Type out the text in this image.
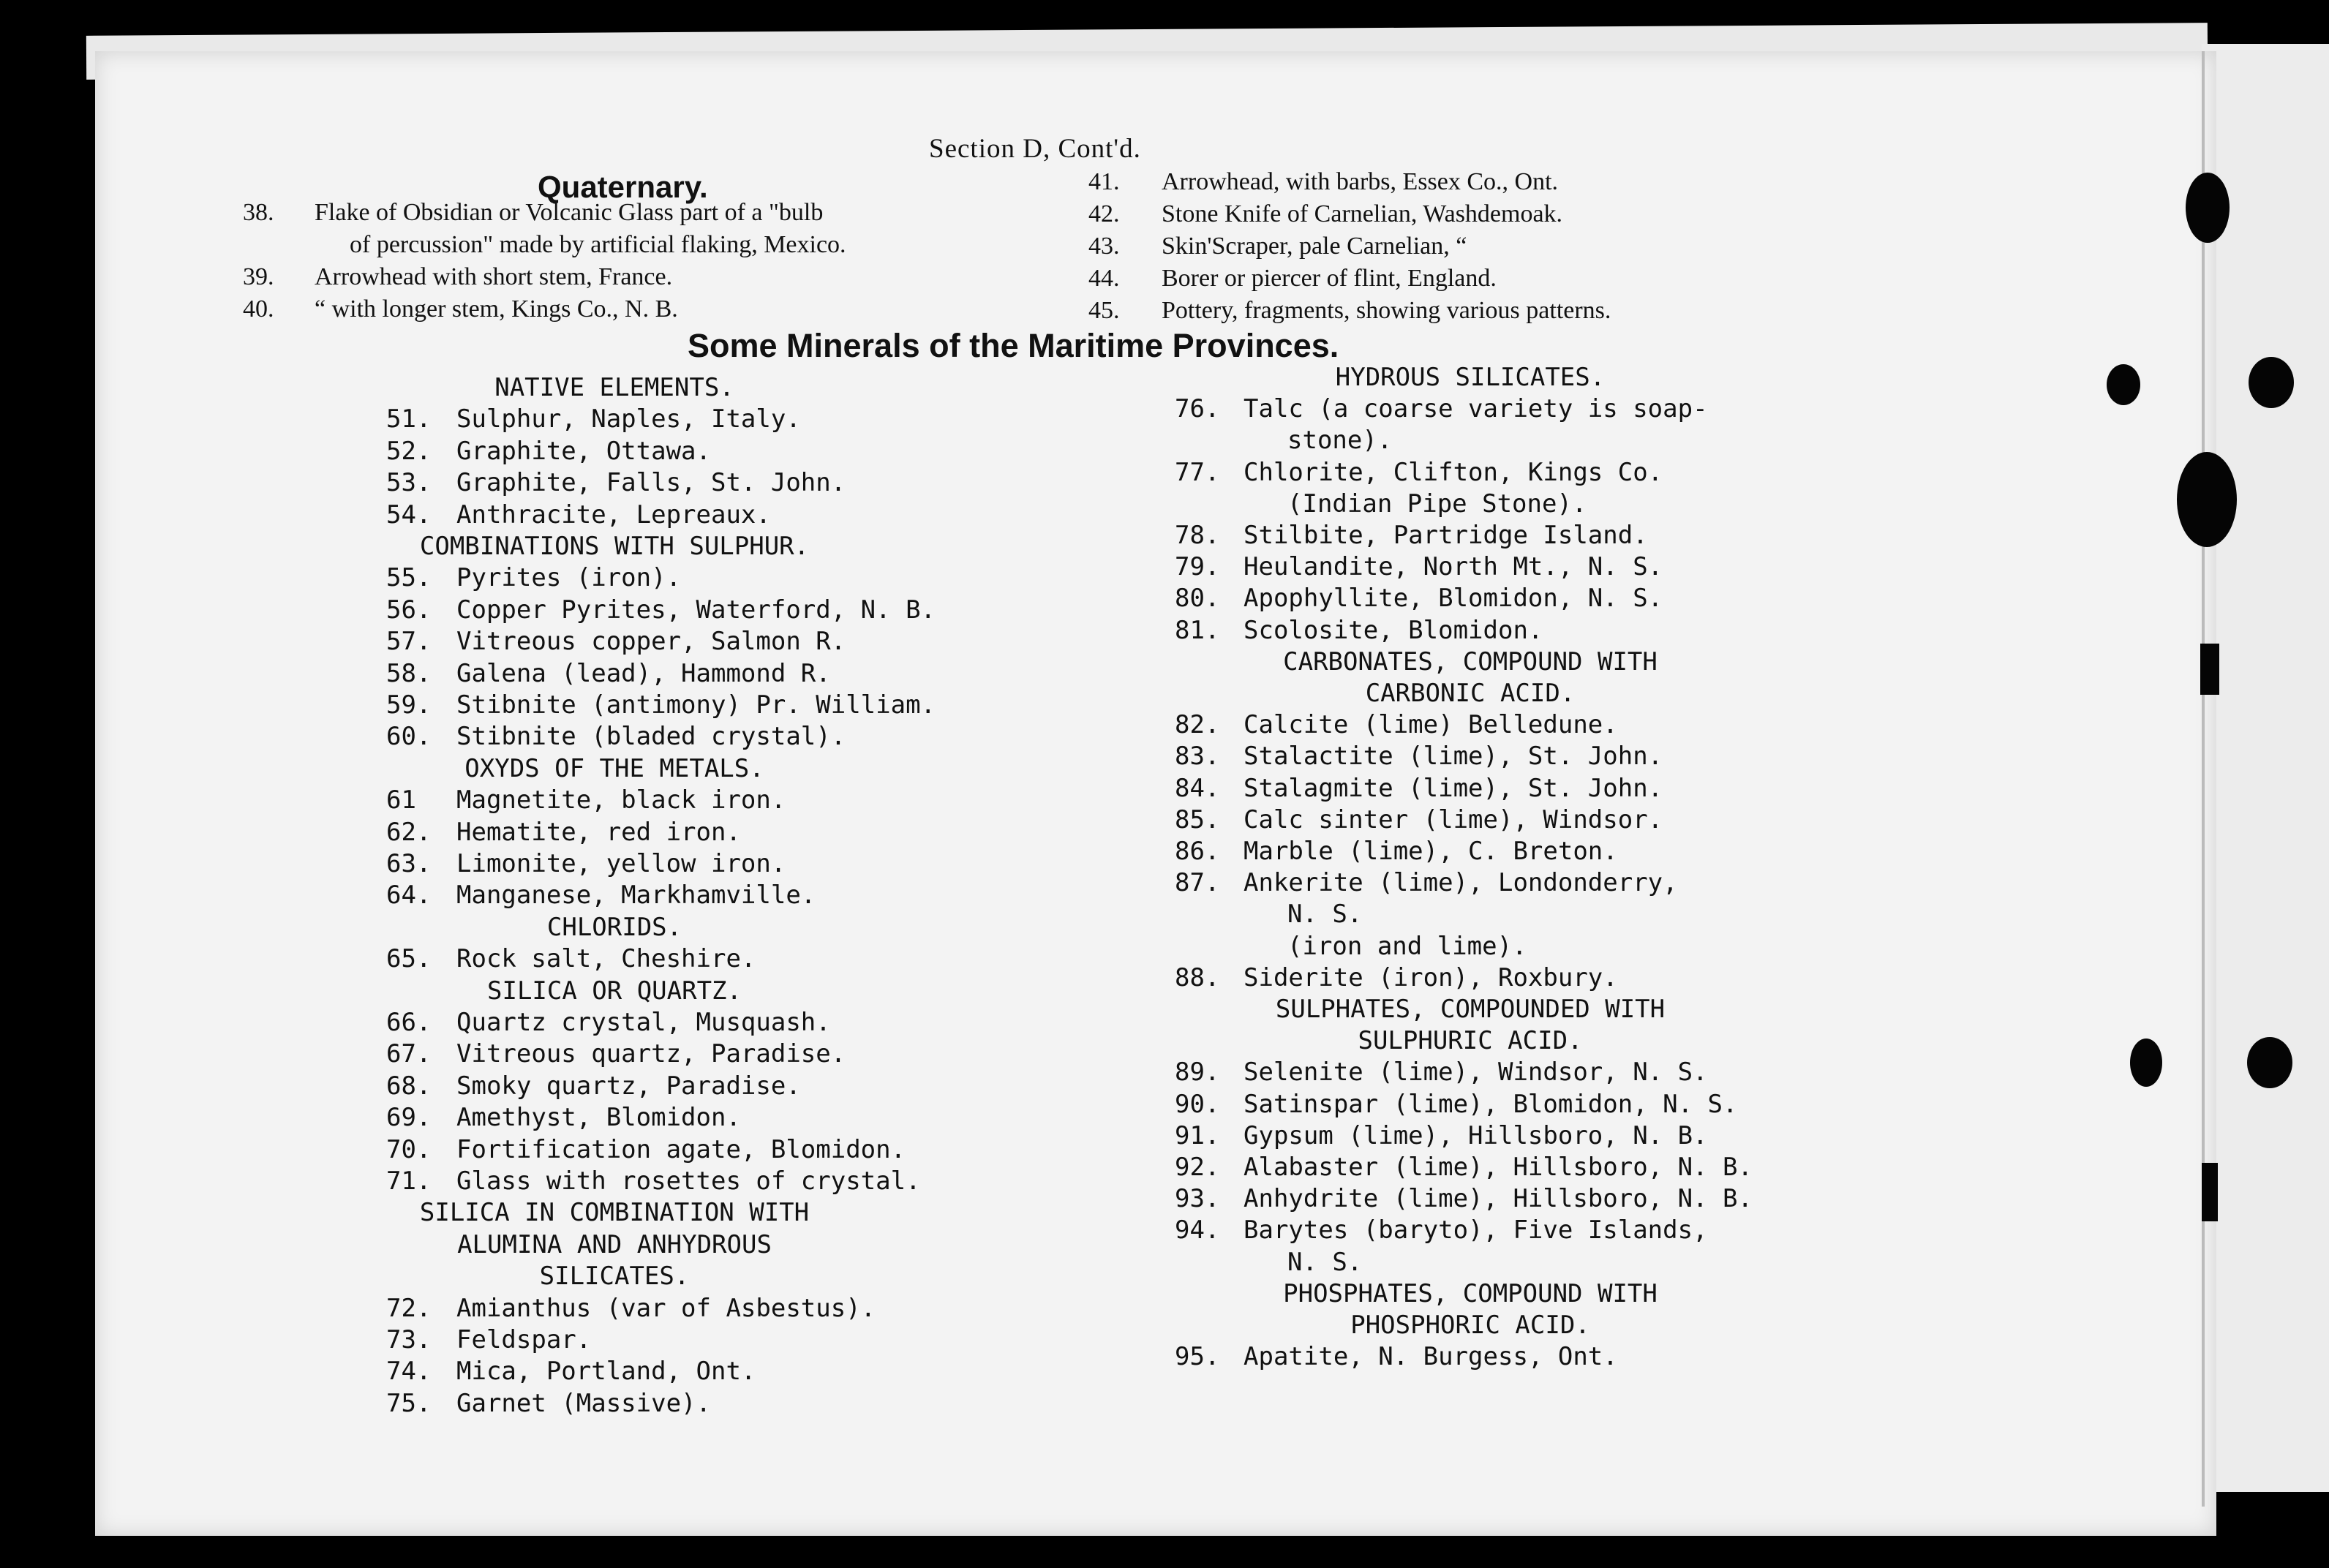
Section D, Cont'd.
Quaternary.
38.	Flake of Obsidian or Volcanic Glass part of a "bulb
of percussion" made by artificial flaking, Mexico.
39.	Arrowhead with short stem, France.
40.	“ with longer stem, Kings Co., N. B.
41.	Arrowhead, with barbs, Essex Co., Ont.
42.	Stone Knife of Carnelian, Washdemoak.
43.	Skin'Scraper, pale Carnelian, “
44.	Borer or piercer of flint, England.
45.	Pottery, fragments, showing various patterns.
Some Minerals of the Maritime Provinces.
NATIVE ELEMENTS.
51. Sulphur, Naples, Italy.
52. Graphite, Ottawa.
53. Graphite, Falls, St. John.
54. Anthracite, Lepreaux.
COMBINATIONS WITH SULPHUR.
55. Pyrites (iron).
56. Copper Pyrites, Waterford, N. B.
57. Vitreous copper, Salmon R.
58. Galena (lead), Hammond R.
59. Stibnite (antimony) Pr. William.
60. Stibnite (bladed crystal).
OXYDS OF THE METALS.
61 Magnetite, black iron.
62. Hematite, red iron.
63. Limonite, yellow iron.
64. Manganese, Markhamville.
CHLORIDS.
65. Rock salt, Cheshire.
SILICA OR QUARTZ.
66. Quartz crystal, Musquash.
67. Vitreous quartz, Paradise.
68. Smoky quartz, Paradise.
69. Amethyst, Blomidon.
70. Fortification agate, Blomidon.
71. Glass with rosettes of crystal.
SILICA IN COMBINATION WITH
ALUMINA AND ANHYDROUS
SILICATES.
72. Amianthus (var of Asbestus).
73. Feldspar.
74. Mica, Portland, Ont.
75. Garnet (Massive).
HYDROUS SILICATES.
76. Talc (a coarse variety is soap-
stone).
77. Chlorite, Clifton, Kings Co.
(Indian Pipe Stone).
78. Stilbite, Partridge Island.
79. Heulandite, North Mt., N. S.
80. Apophyllite, Blomidon, N. S.
81. Scolosite, Blomidon.
CARBONATES, COMPOUND WITH
CARBONIC ACID.
82. Calcite (lime) Belledune.
83. Stalactite (lime), St. John.
84. Stalagmite (lime), St. John.
85. Calc sinter (lime), Windsor.
86. Marble (lime), C. Breton.
87. Ankerite (lime), Londonderry,
N. S.
(iron and lime).
88. Siderite (iron), Roxbury.
SULPHATES, COMPOUNDED WITH
SULPHURIC ACID.
89. Selenite (lime), Windsor, N. S.
90. Satinspar (lime), Blomidon, N. S.
91. Gypsum (lime), Hillsboro, N. B.
92. Alabaster (lime), Hillsboro, N. B.
93. Anhydrite (lime), Hillsboro, N. B.
94. Barytes (baryto), Five Islands,
N. S.
PHOSPHATES, COMPOUND WITH
PHOSPHORIC ACID.
95. Apatite, N. Burgess, Ont.
